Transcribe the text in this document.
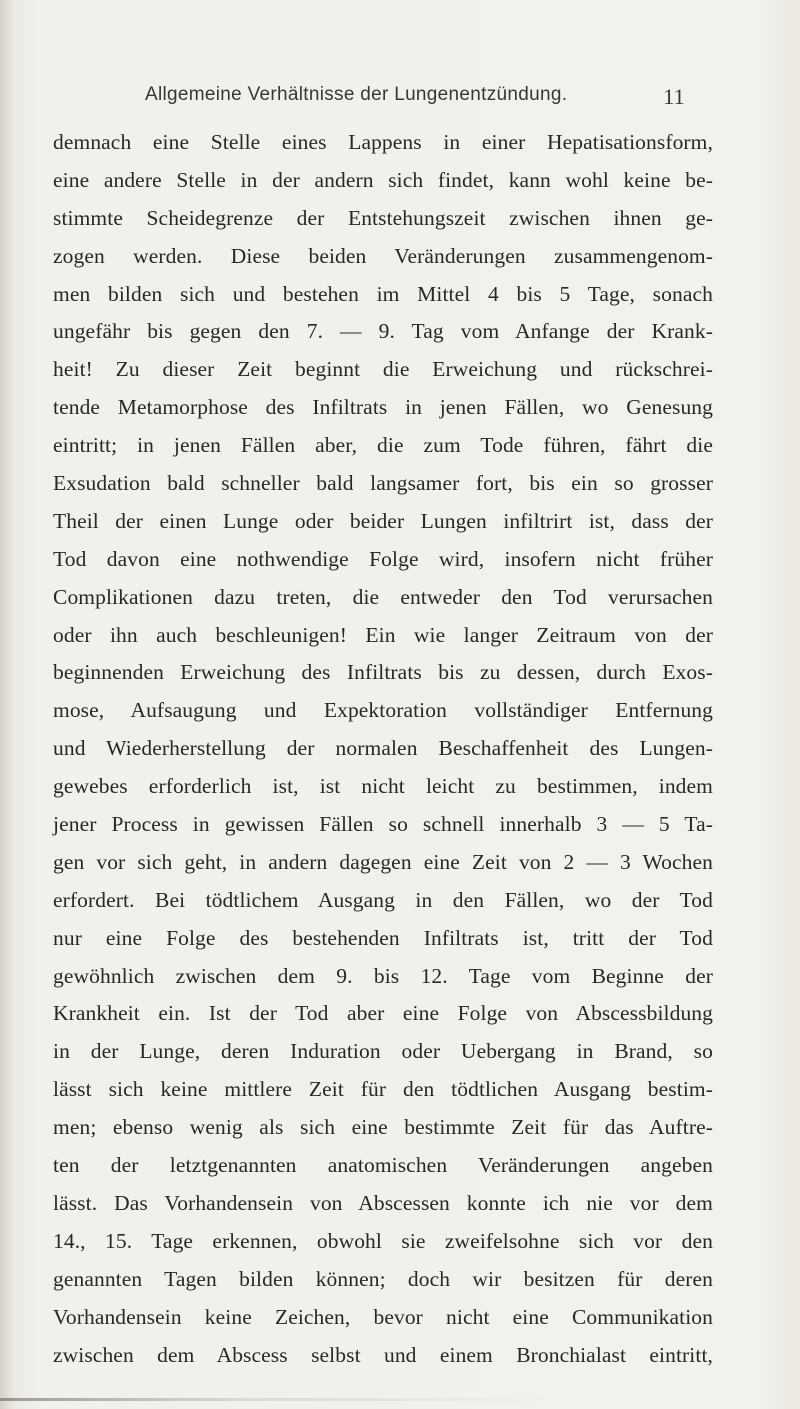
Allgemeine Verhältnisse der Lungenentzündung.	11
demnach eine Stelle eines Lappens in einer Hepatisationsform,
eine andere Stelle in der andern sich findet, kann wohl keine be-
stimmte Scheidegrenze der Entstehungszeit zwischen ihnen ge-
zogen werden. Diese beiden Veränderungen zusammengenom-
men bilden sich und bestehen im Mittel 4 bis 5 Tage, sonach
ungefähr bis gegen den 7. — 9. Tag vom Anfange der Krank-
heit! Zu dieser Zeit beginnt die Erweichung und rückschrei-
tende Metamorphose des Infiltrats in jenen Fällen, wo Genesung
eintritt; in jenen Fällen aber, die zum Tode führen, fährt die
Exsudation bald schneller bald langsamer fort, bis ein so grosser
Theil der einen Lunge oder beider Lungen infiltrirt ist, dass der
Tod davon eine nothwendige Folge wird, insofern nicht früher
Complikationen dazu treten, die entweder den Tod verursachen
oder ihn auch beschleunigen! Ein wie langer Zeitraum von der
beginnenden Erweichung des Infiltrats bis zu dessen, durch Exos-
mose, Aufsaugung und Expektoration vollständiger Entfernung
und Wiederherstellung der normalen Beschaffenheit des Lungen-
gewebes erforderlich ist, ist nicht leicht zu bestimmen, indem
jener Process in gewissen Fällen so schnell innerhalb 3 — 5 Ta-
gen vor sich geht, in andern dagegen eine Zeit von 2 — 3 Wochen
erfordert. Bei tödtlichem Ausgang in den Fällen, wo der Tod
nur eine Folge des bestehenden Infiltrats ist, tritt der Tod
gewöhnlich zwischen dem 9. bis 12. Tage vom Beginne der
Krankheit ein. Ist der Tod aber eine Folge von Abscessbildung
in der Lunge, deren Induration oder Uebergang in Brand, so
lässt sich keine mittlere Zeit für den tödtlichen Ausgang bestim-
men; ebenso wenig als sich eine bestimmte Zeit für das Auftre-
ten der letztgenannten anatomischen Veränderungen angeben
lässt. Das Vorhandensein von Abscessen konnte ich nie vor dem
14., 15. Tage erkennen, obwohl sie zweifelsohne sich vor den
genannten Tagen bilden können; doch wir besitzen für deren
Vorhandensein keine Zeichen, bevor nicht eine Communikation
zwischen dem Abscess selbst und einem Bronchialast eintritt,
